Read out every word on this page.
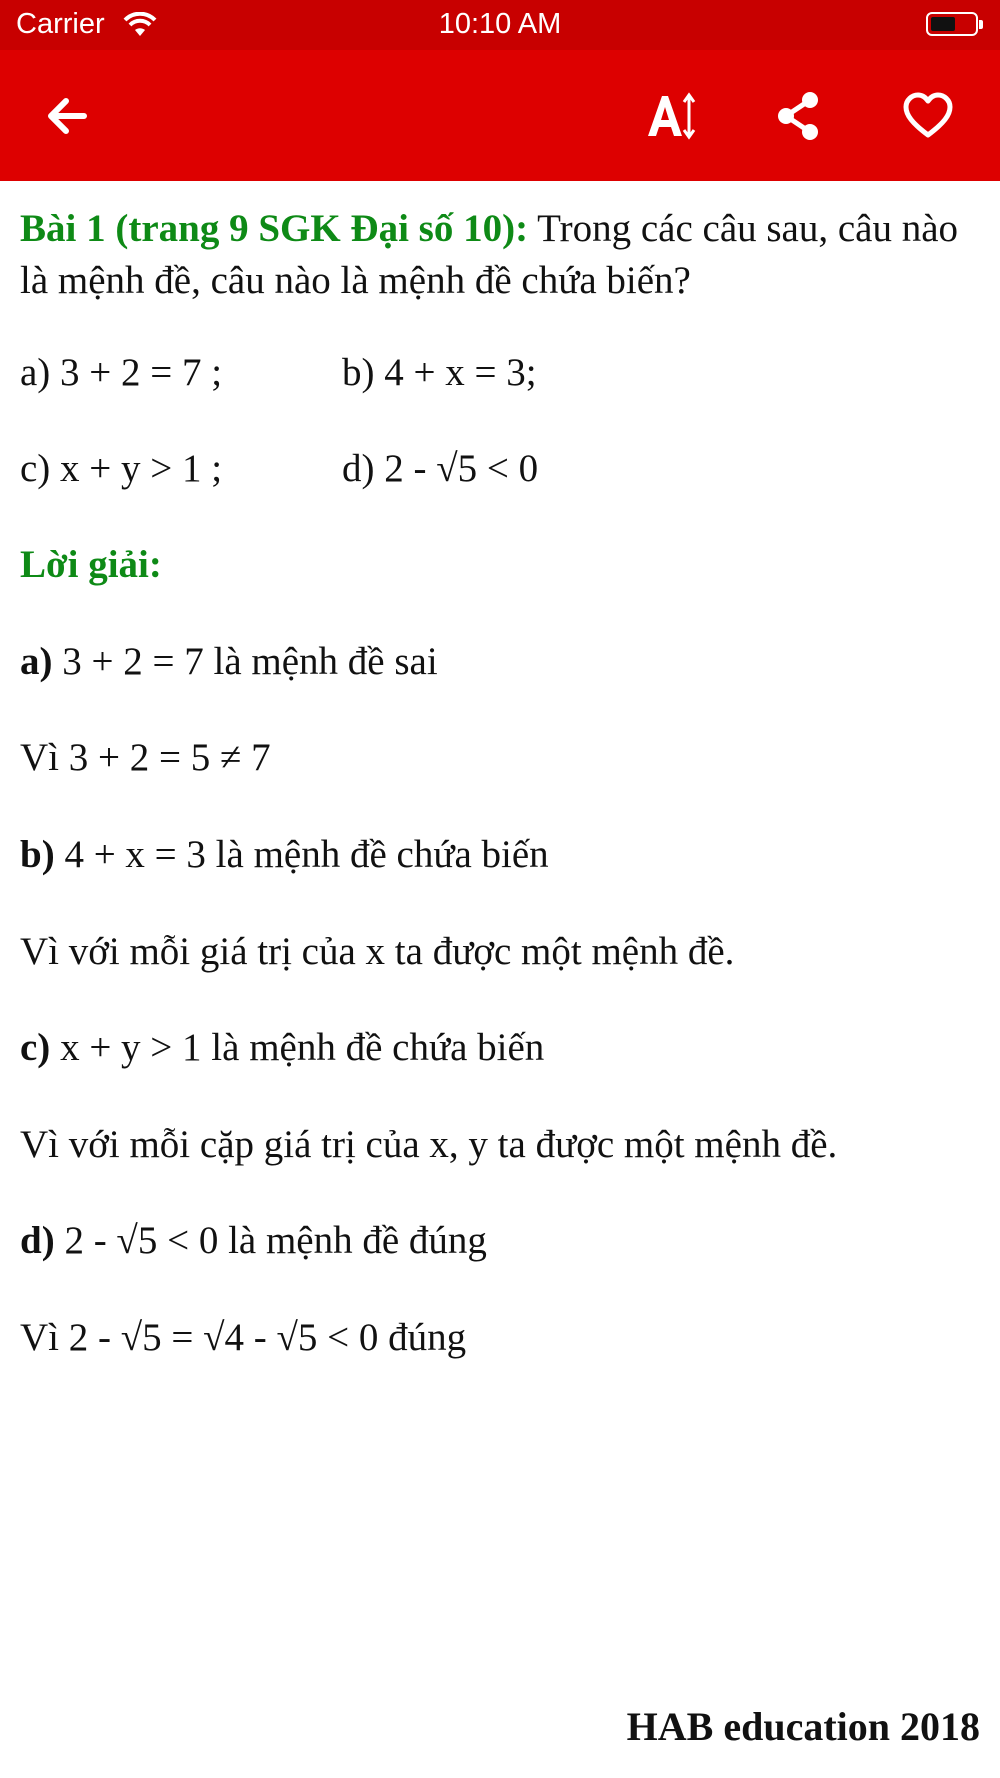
Carrier	10:10 AM

Bài 1 (trang 9 SGK Đại số 10): Trong các câu sau, câu nào là mệnh đề, câu nào là mệnh đề chứa biến?

a) 3 + 2 = 7 ;	b) 4 + x = 3;

c) x + y > 1 ;	d) 2 - √5 < 0

Lời giải:

a) 3 + 2 = 7 là mệnh đề sai

Vì 3 + 2 = 5 ≠ 7

b) 4 + x = 3 là mệnh đề chứa biến

Vì với mỗi giá trị của x ta được một mệnh đề.

c) x + y > 1 là mệnh đề chứa biến

Vì với mỗi cặp giá trị của x, y ta được một mệnh đề.

d) 2 - √5 < 0 là mệnh đề đúng

Vì 2 - √5 = √4 - √5 < 0 đúng

HAB education 2018
